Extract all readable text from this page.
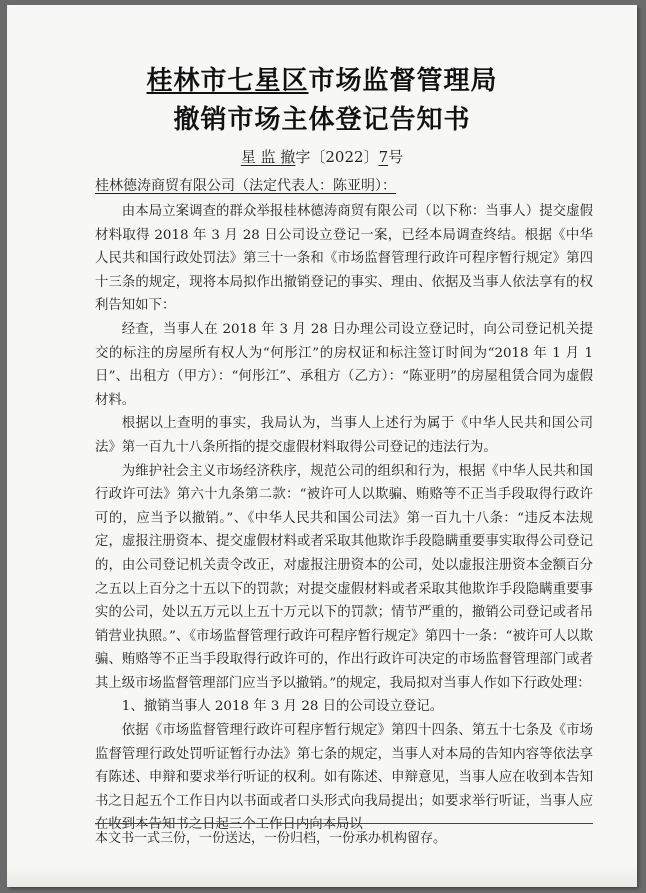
桂林市七星区市场监督管理局
撤销市场主体登记告知书
星 监 撤字〔2022〕7号
桂林德涛商贸有限公司（法定代表人：陈亚明）：

由本局立案调查的群众举报桂林德涛商贸有限公司（以下称：当事人）提交虚假材料取得 2018 年 3 月 28 日公司设立登记一案，已经本局调查终结。根据《中华人民共和国行政处罚法》第三十一条和《市场监督管理行政许可程序暂行规定》第四十三条的规定，现将本局拟作出撤销登记的事实、理由、依据及当事人依法享有的权利告知如下：

经查，当事人在 2018 年 3 月 28 日办理公司设立登记时，向公司登记机关提交的标注的房屋所有权人为“何彤江”的房权证和标注签订时间为“2018 年 1 月 1 日”、出租方（甲方）：“何彤江”、承租方（乙方）：“陈亚明”的房屋租赁合同为虚假材料。

根据以上查明的事实，我局认为，当事人上述行为属于《中华人民共和国公司法》第一百九十八条所指的提交虚假材料取得公司登记的违法行为。

为维护社会主义市场经济秩序，规范公司的组织和行为，根据《中华人民共和国行政许可法》第六十九条第二款：“被许可人以欺骗、贿赂等不正当手段取得行政许可的，应当予以撤销。”、《中华人民共和国公司法》第一百九十八条：“违反本法规定，虚报注册资本、提交虚假材料或者采取其他欺诈手段隐瞒重要事实取得公司登记的，由公司登记机关责令改正，对虚报注册资本的公司，处以虚报注册资本金额百分之五以上百分之十五以下的罚款；对提交虚假材料或者采取其他欺诈手段隐瞒重要事实的公司，处以五万元以上五十万元以下的罚款；情节严重的，撤销公司登记或者吊销营业执照。”、《市场监督管理行政许可程序暂行规定》第四十一条：“被许可人以欺骗、贿赂等不正当手段取得行政许可的，作出行政许可决定的市场监督管理部门或者其上级市场监督管理部门应当予以撤销。”的规定，我局拟对当事人作如下行政处理：

1、撤销当事人 2018 年 3 月 28 日的公司设立登记。

依据《市场监督管理行政许可程序暂行规定》第四十四条、第五十七条及《市场监督管理行政处罚听证暂行办法》第七条的规定，当事人对本局的告知内容等依法享有陈述、申辩和要求举行听证的权利。如有陈述、申辩意见，当事人应在收到本告知书之日起五个工作日内以书面或者口头形式向我局提出；如要求举行听证，当事人应在收到本告知书之日起三个工作日内向本局以

本文书一式三份，一份送达，一份归档，一份承办机构留存。
